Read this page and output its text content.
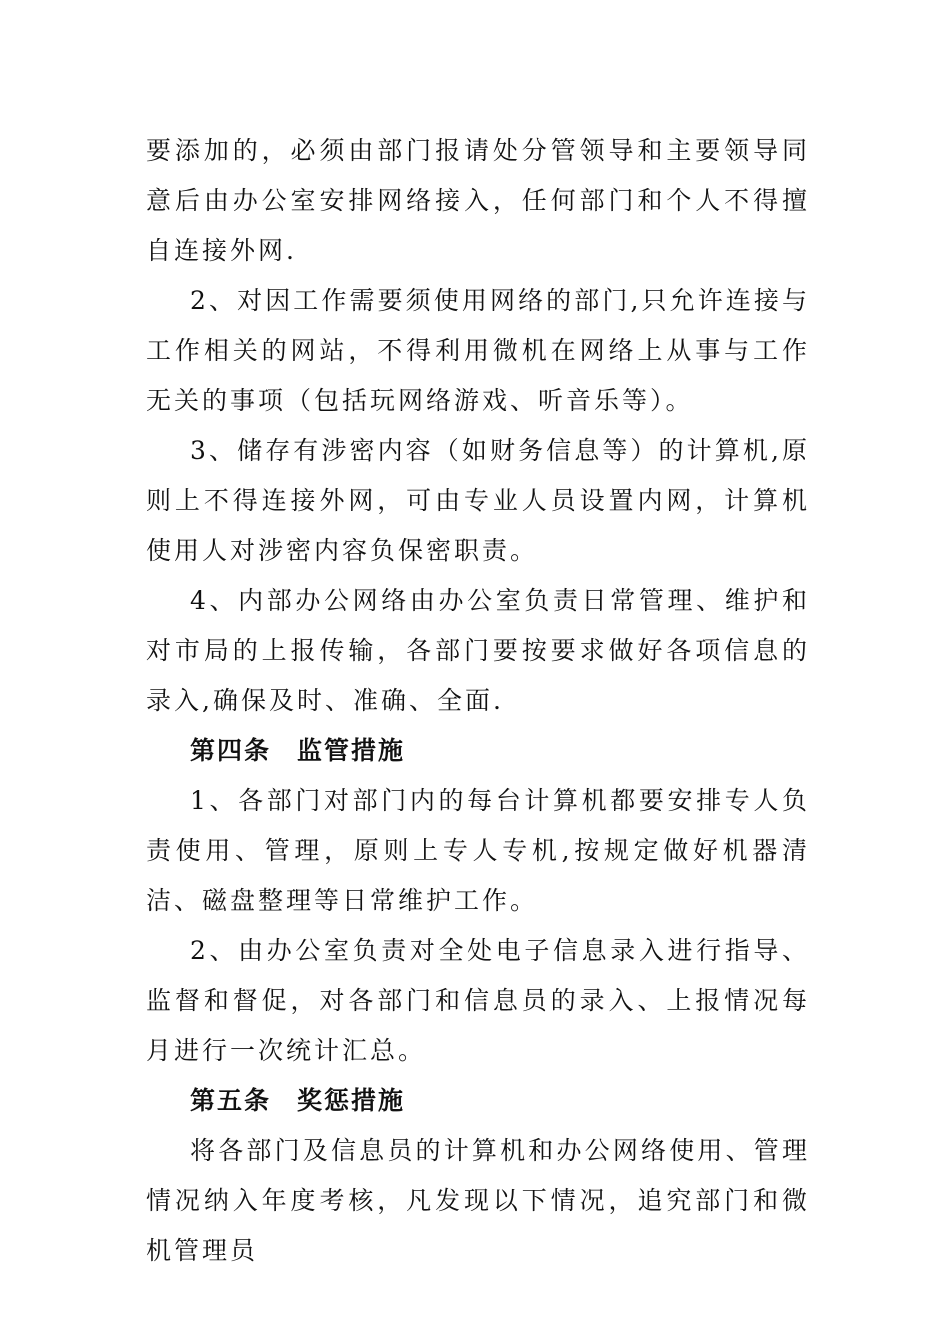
要添加的，必须由部门报请处分管领导和主要领导同意后由办公室安排网络接入，任何部门和个人不得擅自连接外网.

2、对因工作需要须使用网络的部门,只允许连接与工作相关的网站，不得利用微机在网络上从事与工作无关的事项（包括玩网络游戏、听音乐等）。

3、储存有涉密内容（如财务信息等）的计算机,原则上不得连接外网，可由专业人员设置内网，计算机使用人对涉密内容负保密职责。

4、内部办公网络由办公室负责日常管理、维护和对市局的上报传输，各部门要按要求做好各项信息的录入,确保及时、准确、全面.

第四条 监管措施

1、各部门对部门内的每台计算机都要安排专人负责使用、管理，原则上专人专机,按规定做好机器清洁、磁盘整理等日常维护工作。

2、由办公室负责对全处电子信息录入进行指导、监督和督促，对各部门和信息员的录入、上报情况每月进行一次统计汇总。

第五条 奖惩措施

将各部门及信息员的计算机和办公网络使用、管理情况纳入年度考核，凡发现以下情况，追究部门和微机管理员
